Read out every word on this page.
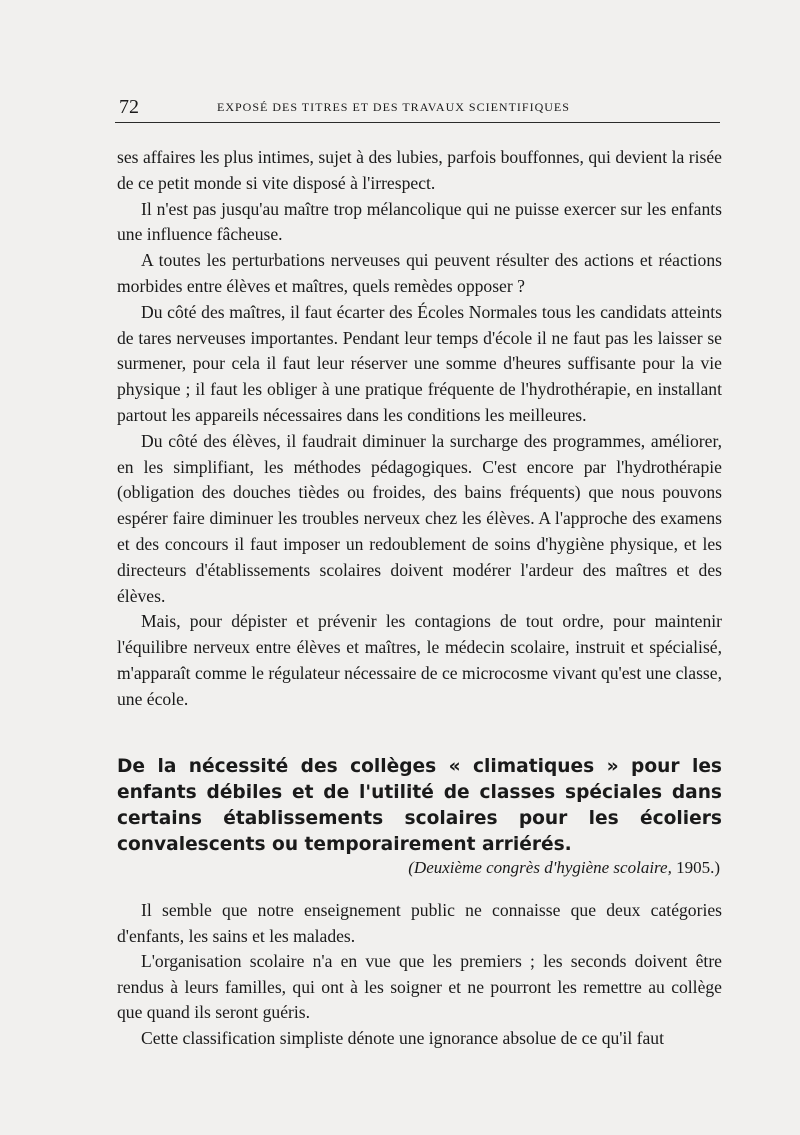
72	EXPOSÉ DES TITRES ET DES TRAVAUX SCIENTIFIQUES

ses affaires les plus intimes, sujet à des lubies, parfois bouffonnes, qui devient la risée de ce petit monde si vite disposé à l'irrespect.

Il n'est pas jusqu'au maître trop mélancolique qui ne puisse exercer sur les enfants une influence fâcheuse.

A toutes les perturbations nerveuses qui peuvent résulter des actions et réactions morbides entre élèves et maîtres, quels remèdes opposer ?

Du côté des maîtres, il faut écarter des Écoles Normales tous les candidats atteints de tares nerveuses importantes. Pendant leur temps d'école il ne faut pas les laisser se surmener, pour cela il faut leur réserver une somme d'heures suffisante pour la vie physique ; il faut les obliger à une pratique fréquente de l'hydrothérapie, en installant partout les appareils nécessaires dans les conditions les meilleures.

Du côté des élèves, il faudrait diminuer la surcharge des programmes, améliorer, en les simplifiant, les méthodes pédagogiques. C'est encore par l'hydrothérapie (obligation des douches tièdes ou froides, des bains fréquents) que nous pouvons espérer faire diminuer les troubles nerveux chez les élèves. A l'approche des examens et des concours il faut imposer un redoublement de soins d'hygiène physique, et les directeurs d'établissements scolaires doivent modérer l'ardeur des maîtres et des élèves.

Mais, pour dépister et prévenir les contagions de tout ordre, pour maintenir l'équilibre nerveux entre élèves et maîtres, le médecin scolaire, instruit et spécialisé, m'apparaît comme le régulateur nécessaire de ce microcosme vivant qu'est une classe, une école.

De la nécessité des collèges « climatiques » pour les enfants débiles et de l'utilité de classes spéciales dans certains établissements scolaires pour les écoliers convalescents ou temporairement arriérés.
(Deuxième congrès d'hygiène scolaire, 1905.)

Il semble que notre enseignement public ne connaisse que deux catégories d'enfants, les sains et les malades.

L'organisation scolaire n'a en vue que les premiers ; les seconds doivent être rendus à leurs familles, qui ont à les soigner et ne pourront les remettre au collège que quand ils seront guéris.

Cette classification simpliste dénote une ignorance absolue de ce qu'il faut
